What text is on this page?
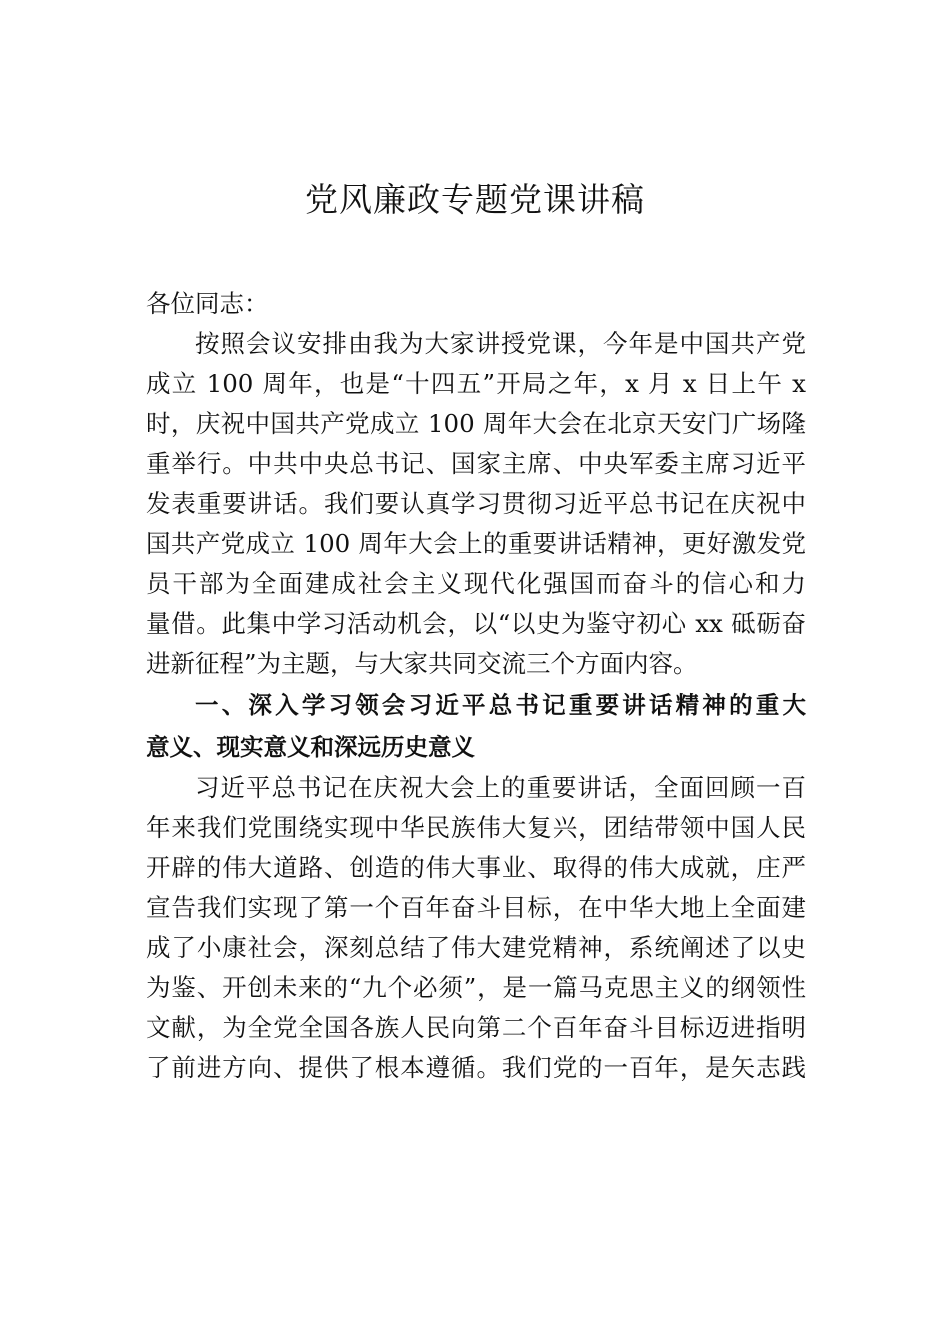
党风廉政专题党课讲稿

各位同志：

按照会议安排由我为大家讲授党课，今年是中国共产党
成立 100 周年，也是“十四五”开局之年，x 月 x 日上午 x
时，庆祝中国共产党成立 100 周年大会在北京天安门广场隆
重举行。中共中央总书记、国家主席、中央军委主席习近平
发表重要讲话。我们要认真学习贯彻习近平总书记在庆祝中
国共产党成立 100 周年大会上的重要讲话精神，更好激发党
员干部为全面建成社会主义现代化强国而奋斗的信心和力
量借。此集中学习活动机会，以“以史为鉴守初心 xx 砥砺奋
进新征程”为主题，与大家共同交流三个方面内容。
一、深入学习领会习近平总书记重要讲话精神的重大
意义、现实意义和深远历史意义
习近平总书记在庆祝大会上的重要讲话，全面回顾一百
年来我们党围绕实现中华民族伟大复兴，团结带领中国人民
开辟的伟大道路、创造的伟大事业、取得的伟大成就，庄严
宣告我们实现了第一个百年奋斗目标，在中华大地上全面建
成了小康社会，深刻总结了伟大建党精神，系统阐述了以史
为鉴、开创未来的“九个必须”，是一篇马克思主义的纲领性
文献，为全党全国各族人民向第二个百年奋斗目标迈进指明
了前进方向、提供了根本遵循。我们党的一百年，是矢志践
